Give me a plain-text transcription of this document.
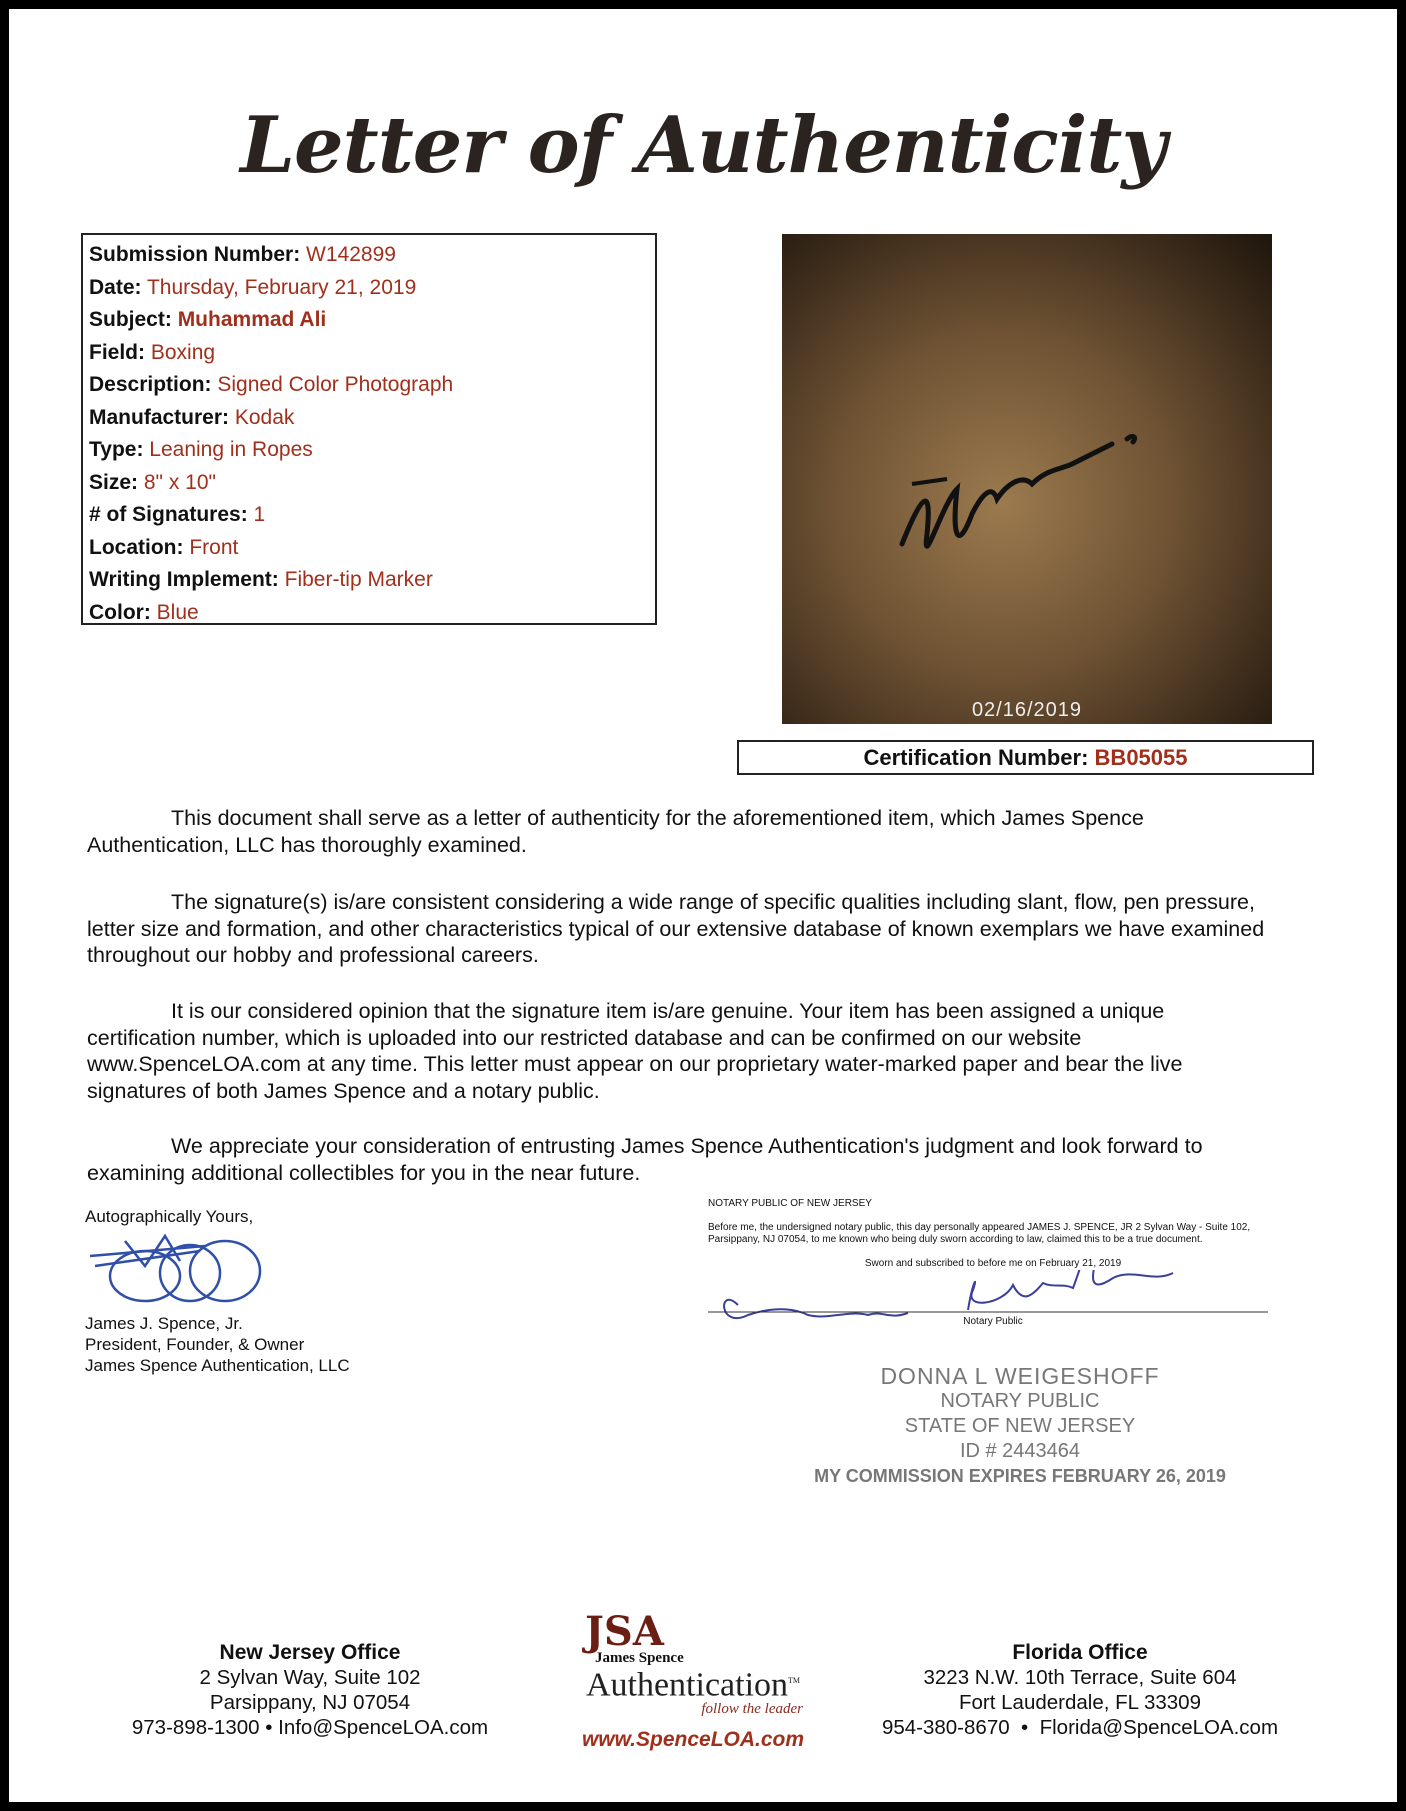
Letter of Authenticity
Submission Number: W142899
Date: Thursday, February 21, 2019
Subject: Muhammad Ali
Field: Boxing
Description: Signed Color Photograph
Manufacturer: Kodak
Type: Leaning in Ropes
Size: 8" x 10"
# of Signatures: 1
Location: Front
Writing Implement: Fiber-tip Marker
Color: Blue
02/16/2019
Certification Number: BB05055

This document shall serve as a letter of authenticity for the aforementioned item, which James Spence Authentication, LLC has thoroughly examined.

The signature(s) is/are consistent considering a wide range of specific qualities including slant, flow, pen pressure, letter size and formation, and other characteristics typical of our extensive database of known exemplars we have examined throughout our hobby and professional careers.

It is our considered opinion that the signature item is/are genuine. Your item has been assigned a unique certification number, which is uploaded into our restricted database and can be confirmed on our website www.SpenceLOA.com at any time. This letter must appear on our proprietary water-marked paper and bear the live signatures of both James Spence and a notary public.

We appreciate your consideration of entrusting James Spence Authentication's judgment and look forward to examining additional collectibles for you in the near future.

Autographically Yours,
James J. Spence, Jr.
President, Founder, & Owner
James Spence Authentication, LLC
NOTARY PUBLIC OF NEW JERSEY
Before me, the undersigned notary public, this day personally appeared JAMES J. SPENCE, JR 2 Sylvan Way - Suite 102, Parsippany, NJ 07054, to me known who being duly sworn according to law, claimed this to be a true document.
Sworn and subscribed to before me on February 21, 2019
Notary Public
DONNA L WEIGESHOFF
NOTARY PUBLIC
STATE OF NEW JERSEY
ID # 2443464
MY COMMISSION EXPIRES FEBRUARY 26, 2019
New Jersey Office
2 Sylvan Way, Suite 102
Parsippany, NJ 07054
973-898-1300 • Info@SpenceLOA.com
JSA
James Spence
Authentication™
follow the leader
www.SpenceLOA.com
Florida Office
3223 N.W. 10th Terrace, Suite 604
Fort Lauderdale, FL 33309
954-380-8670  •  Florida@SpenceLOA.com
